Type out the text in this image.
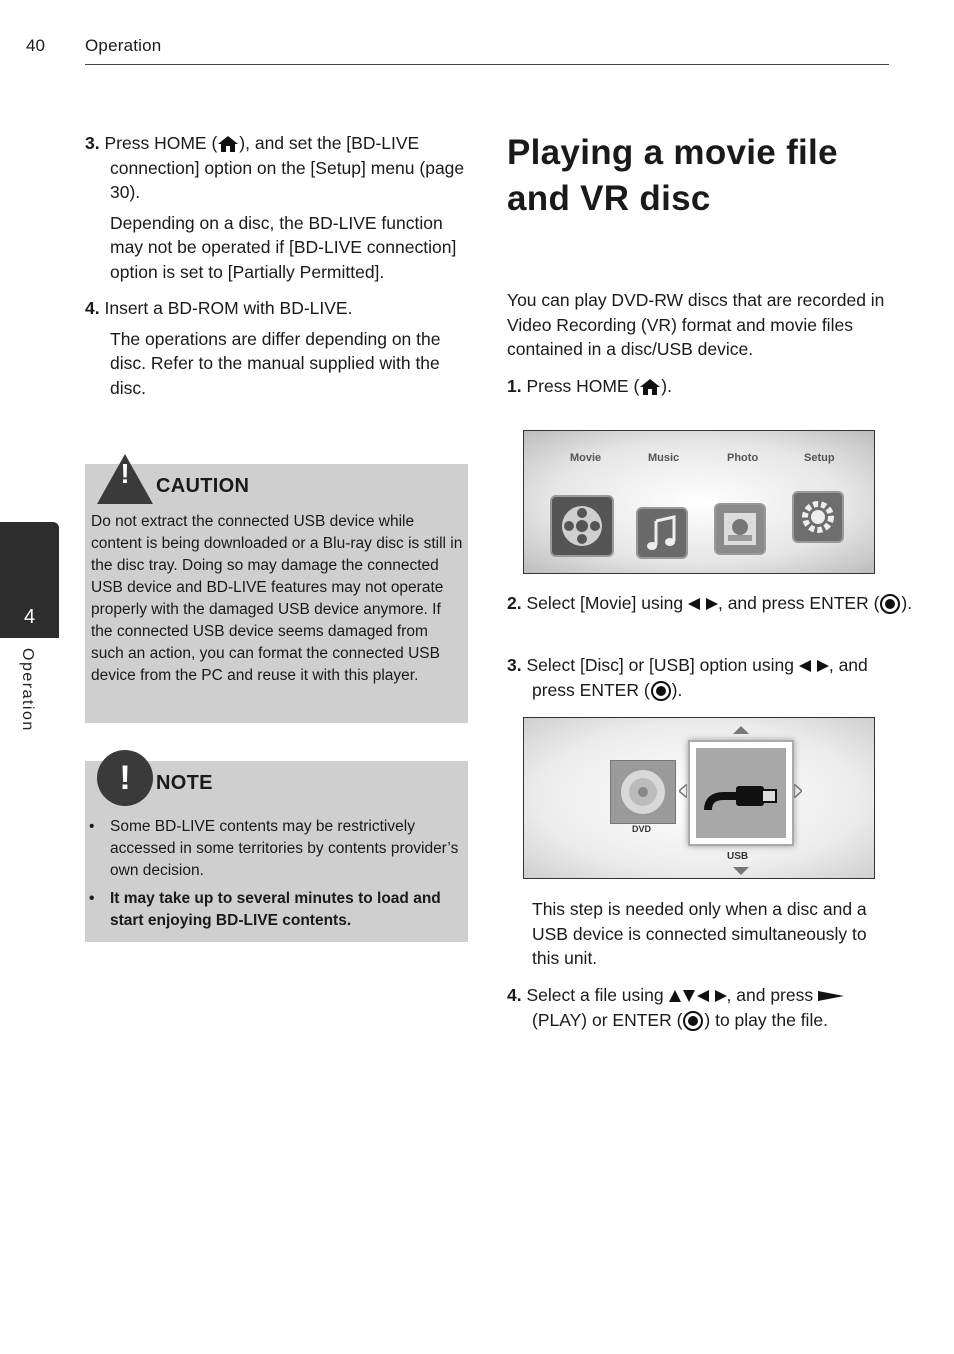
40 Operation
4
Operation
3. Press HOME ( ), and set the [BD-LIVE connection] option on the [Setup] menu (page 30).
Depending on a disc, the BD-LIVE function may not be operated if [BD-LIVE connection] option is set to [Partially Permitted].
4. Insert a BD-ROM with BD-LIVE.
The operations are differ depending on the disc. Refer to the manual supplied with the disc.
!	CAUTION
Do not extract the connected USB device while content is being downloaded or a Blu-ray disc is still in the disc tray. Doing so may damage the connected USB device and BD-LIVE features may not operate properly with the damaged USB device anymore. If the connected USB device seems damaged from such an action, you can format the connected USB device from the PC and reuse it with this player.
!	NOTE
• Some BD-LIVE contents may be restrictively accessed in some territories by contents provider’s own decision.
• It may take up to several minutes to load and start enjoying BD-LIVE contents.
Playing a movie file and VR disc
You can play DVD-RW discs that are recorded in Video Recording (VR) format and movie files contained in a disc/USB device.
1. Press HOME ( ).
Movie	Music	Photo	Setup
2. Select [Movie] using , and press ENTER ( ).
3. Select [Disc] or [USB] option using , and press ENTER ( ).
DVD
USB
This step is needed only when a disc and a USB device is connected simultaneously to this unit.
4. Select a file using	, and press
(PLAY) or ENTER ( ) to play the file.
